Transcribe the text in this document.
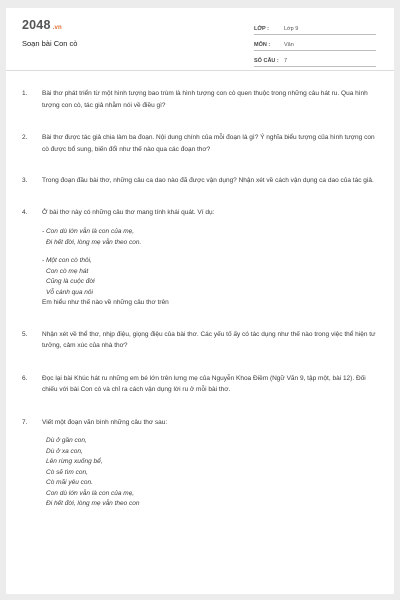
2048 .vn
Soạn bài Con cò
LỚP :	Lớp 9
MÔN :	Văn
SỐ CÂU : 7
1.	Bài thơ phát triển từ một hình tượng bao trùm là hình tượng con cò quen thuộc trong những câu hát ru. Qua hình tượng con cò, tác giả nhằm nói về điều gì?

2.	Bài thơ được tác giả chia làm ba đoạn. Nội dung chính của mỗi đoạn là gì? Ý nghĩa biểu tượng của hình tượng con cò được bổ sung, biến đổi như thế nào qua các đoạn thơ?

3.	Trong đoạn đầu bài thơ, những câu ca dao nào đã được vận dụng? Nhận xét về cách vận dụng ca dao của tác giả.

4.	Ở bài thơ này có những câu thơ mang tính khái quát. Ví dụ:

- Con dù lớn vẫn là con của mẹ,
Đi hết đời, lòng mẹ vẫn theo con.
- Một con cò thôi,
Con cò mẹ hát
Cũng là cuộc đời
Vỗ cánh qua nôi
Em hiểu như thế nào về những câu thơ trên
5.	Nhận xét về thể thơ, nhịp điệu, giọng điệu của bài thơ. Các yếu tố ấy có tác dụng như thế nào trong việc thể hiện tư tưởng, cảm xúc của nhà thơ?

6.	Đọc lại bài Khúc hát ru những em bé lớn trên lưng mẹ của Nguyễn Khoa Điềm (Ngữ Văn 9, tập một, bài 12). Đối chiếu với bài Con cò và chỉ ra cách vận dụng lời ru ở mỗi bài thơ.

7.	Viết một đoạn văn bình những câu thơ sau:

Dù ở gần con,
Dù ở xa con,
Lên rừng xuống bể,
Cò sẽ tìm con,
Cò mãi yêu con.
Con dù lớn vẫn là con của mẹ,
Đi hết đời, lòng mẹ vẫn theo con
